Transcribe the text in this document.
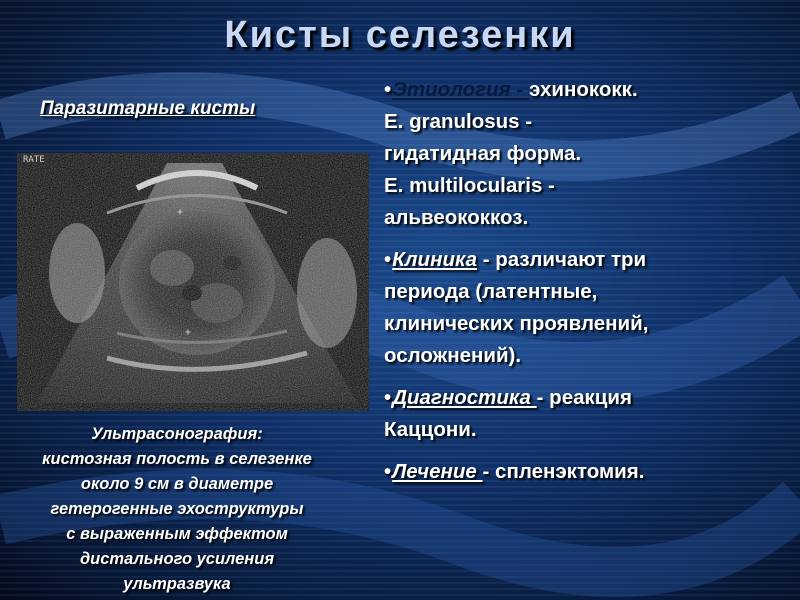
Кисты селезенки
Паразитарные кисты
RATE
Ультрасонография:
кистозная полость в селезенке
около 9 см в диаметре
гетерогенные эхоструктуры
с выраженным эффектом
дистального усиления
ультразвука
•Этиология - эхинококк.
E. granulosus -
гидатидная форма.
E. multilocularis -
альвеококкоз.
•Клиника - различают три
периода (латентные,
клинических проявлений,
осложнений).
•Диагностика - реакция
Каццони.
•Лечение - спленэктомия.
